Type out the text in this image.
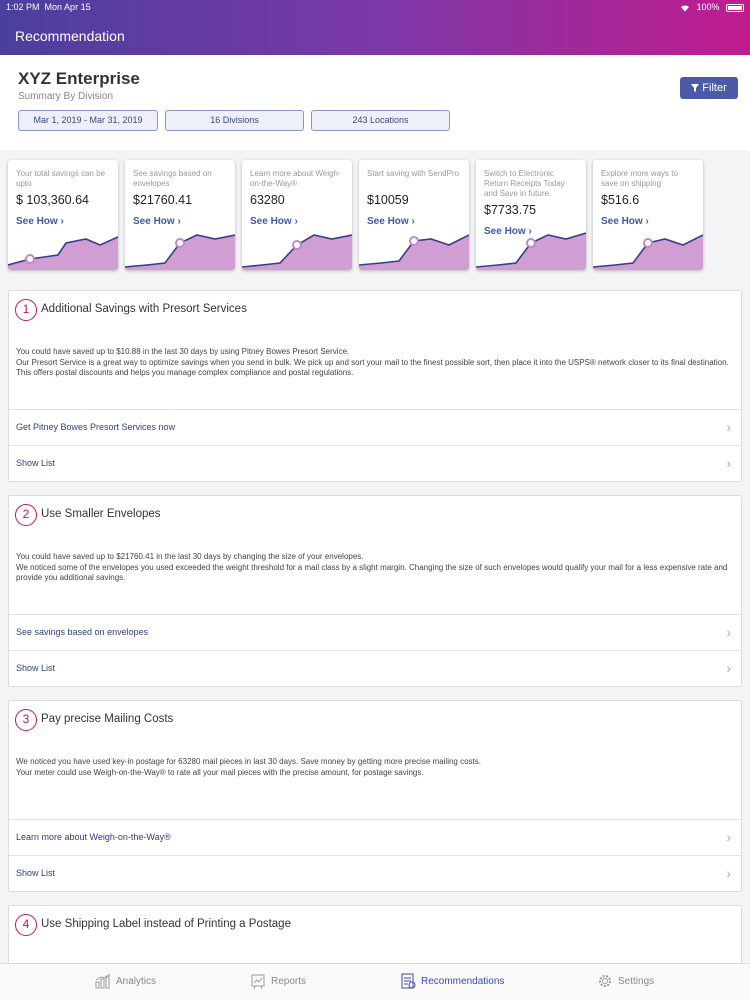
1:02 PM Mon Apr 15	100%
Recommendation
XYZ Enterprise
Summary By Division
Filter
Mar 1, 2019 - Mar 31, 2019	16 Divisions	243 Locations
Your total savings can be upto
$ 103,360.64
See How ›
See savings based on envelopes
$21760.41
See How ›
Learn more about Weigh-on-the-Way®
63280
See How ›
Start saving with SendPro
$10059
See How ›
Switch to Electronic Return Receipts Today and Save in future.
$7733.75
See How ›
Explore more ways to save on shipping
$516.6
See How ›
1	Additional Savings with Presort Services

You could have saved up to $10.88 in the last 30 days by using Pitney Bowes Presort Service.

Our Presort Service is a great way to optimize savings when you send in bulk. We pick up and sort your mail to the finest possible sort, then place it into the USPS® network closer to its final destination. This offers postal discounts and helps you manage complex compliance and postal regulations.

Get Pitney Bowes Presort Services now	›
Show List	›
2	Use Smaller Envelopes

You could have saved up to $21760.41 in the last 30 days by changing the size of your envelopes.

We noticed some of the envelopes you used exceeded the weight threshold for a mail class by a slight margin. Changing the size of such envelopes would qualify your mail for a less expensive rate and provide you additional savings.

See savings based on envelopes	›
Show List	›
3	Pay precise Mailing Costs

We noticed you have used key-in postage for 63280 mail pieces in last 30 days. Save money by getting more precise mailing costs.

Your meter could use Weigh-on-the-Way® to rate all your mail pieces with the precise amount, for postage savings.

Learn more about Weigh-on-the-Way®	›
Show List	›
4	Use Shipping Label instead of Printing a Postage
Analytics	Reports	Recommendations	Settings
